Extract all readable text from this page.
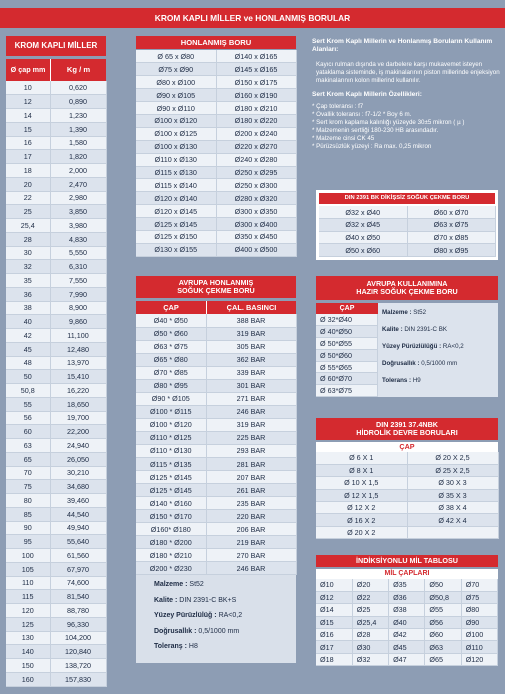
KROM KAPLI MİLLER ve HONLANMIŞ BORULAR
KROM KAPLI MİLLER
Ø çap mm	Kg / m
10	0,620
12	0,890
14	1,230
15	1,390
16	1,580
17	1,820
18	2,000
20	2,470
22	2,980
25	3,850
25,4	3,980
28	4,830
30	5,550
32	6,310
35	7,550
36	7,990
38	8,900
40	9,860
42	11,100
45	12,480
48	13,970
50	15,410
50,8	16,220
55	18,650
56	19,700
60	22,200
63	24,940
65	26,050
70	30,210
75	34,680
80	39,460
85	44,540
90	49,940
95	55,640
100	61,560
105	67,970
110	74,600
115	81,540
120	88,780
125	96,330
130	104,200
140	120,840
150	138,720
160	157,830
HONLANMIŞ BORU
Ø 65 x Ø80	Ø140 x Ø165
Ø75 x Ø90	Ø145 x Ø165
Ø80 x Ø100	Ø150 x Ø175
Ø90 x Ø105	Ø160 x Ø190
Ø90 x Ø110	Ø180 x Ø210
Ø100 x Ø120	Ø180 x Ø220
Ø100 x Ø125	Ø200 x Ø240
Ø100 x Ø130	Ø220 x Ø270
Ø110 x Ø130	Ø240 x Ø280
Ø115 x Ø130	Ø250 x Ø295
Ø115 x Ø140	Ø250 x Ø300
Ø120 x Ø140	Ø280 x Ø320
Ø120 x Ø145	Ø300 x Ø350
Ø125 x Ø145	Ø300 x Ø400
Ø125 x Ø150	Ø350 x Ø450
Ø130 x Ø155	Ø400 x Ø500
Sert Krom Kaplı Millerin ve Honlanmış Boruların Kullanım Alanları:
Kayıcı rulman dışında ve darbelere karşı mukavemet isteyen yataklama sisteminde, iş makinalarının piston millerinde enjeksiyon makinalarının kolon millerind kullanılır.
Sert Krom Kaplı Millerin Özellikleri:
* Çap toleransı : f7
* Ovallik toleransı : f7-1/2 * Boy 6 m.
* Sert krom kaplama kalınlığı yüzeyde 30±5 mikron ( µ )
* Malzemenin sertliği 180-230 HB arasındadır.
* Malzeme cinsi CK 45
* Pürüzsüzlük yüzeyi : Ra max. 0,25 mikron
DIN 2391 BK DİKİŞSİZ SOĞUK ÇEKME BORU
Ø32 x Ø40	Ø60 x Ø70
Ø32 x Ø45	Ø63 x Ø75
Ø40 x Ø50	Ø70 x Ø85
Ø50 x Ø60	Ø80 x Ø95
AVRUPA HONLANMIŞ
SOĞUK ÇEKME BORU
ÇAP	ÇAL. BASINCI
Ø40 * Ø50	388 BAR
Ø50 * Ø60	319 BAR
Ø63 * Ø75	305 BAR
Ø65 * Ø80	362 BAR
Ø70 * Ø85	339 BAR
Ø80 * Ø95	301 BAR
Ø90 * Ø105	271 BAR
Ø100 * Ø115	246 BAR
Ø100 * Ø120	319 BAR
Ø110 * Ø125	225 BAR
Ø110 * Ø130	293 BAR
Ø115 * Ø135	281 BAR
Ø125 * Ø145	207 BAR
Ø125 * Ø145	261 BAR
Ø140 * Ø160	235 BAR
Ø150 * Ø170	220 BAR
Ø160* Ø180	206 BAR
Ø180 * Ø200	219 BAR
Ø180 * Ø210	270 BAR
Ø200 * Ø230	246 BAR
Malzeme : St52
Kalite : DIN 2391-C BK+S
Yüzey Pürüzlülüğ : RA<0,2
Doğrusallık : 0,5/1000 mm
Toleranş : H8
AVRUPA KULLANIMINA
HAZIR SOĞUK ÇEKME BORU
ÇAP
Ø 32*Ø40
Ø 40*Ø50
Ø 50*Ø55
Ø 50*Ø60
Ø 55*Ø65
Ø 60*Ø70
Ø 63*Ø75
Malzeme : St52
Kalite : DIN 2391-C BK
Yüzey Pürüzlülüğü : RA<0,2
Doğrusallık : 0,5/1000 mm
Tolerans : H9
DIN 2391 37.4NBK
HİDROLİK DEVRE BORULARI
ÇAP
Ø 6 X 1	Ø 20 X 2,5
Ø 8 X 1	Ø 25 X 2,5
Ø 10 X 1,5	Ø 30 X 3
Ø 12 X 1,5	Ø 35 X 3
Ø 12 X 2	Ø 38 X 4
Ø 16 X 2	Ø 42 X 4
Ø 20 X 2	
İNDİKSİYONLU MİL TABLOSU
MİL ÇAPLARI
Ø10	Ø20	Ø35	Ø50	Ø70
Ø12	Ø22	Ø36	Ø50,8	Ø75
Ø14	Ø25	Ø38	Ø55	Ø80
Ø15	Ø25,4	Ø40	Ø56	Ø90
Ø16	Ø28	Ø42	Ø60	Ø100
Ø17	Ø30	Ø45	Ø63	Ø110
Ø18	Ø32	Ø47	Ø65	Ø120
